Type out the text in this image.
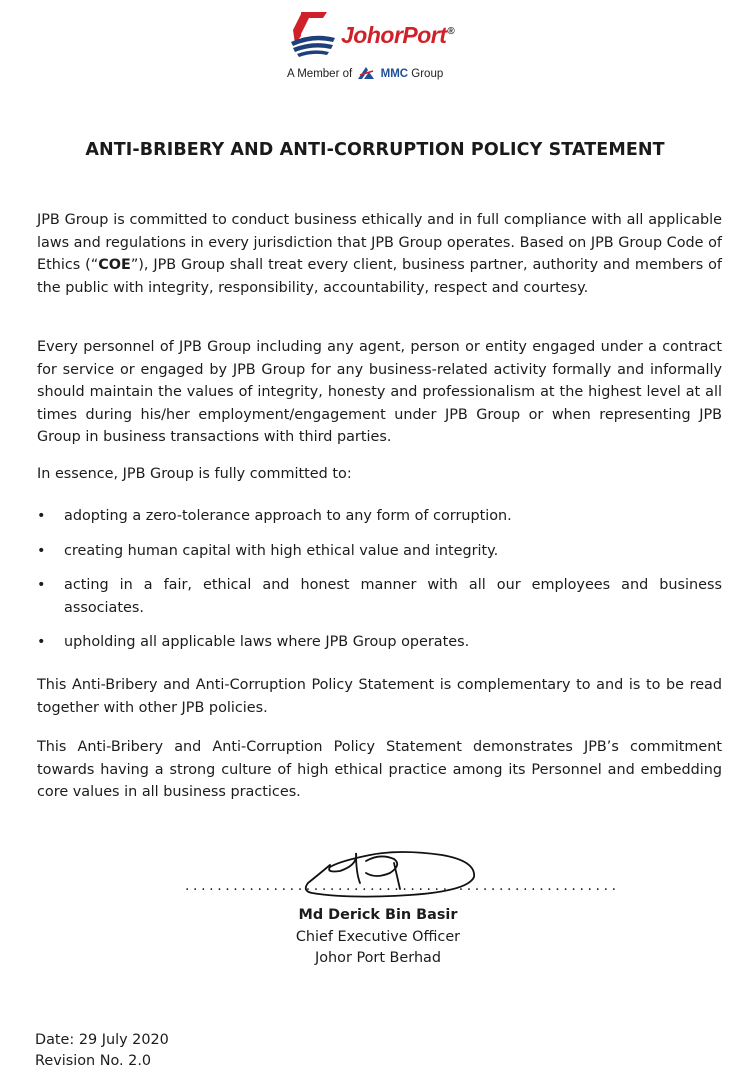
JohorPort®
A Member of MMC Group
ANTI-BRIBERY AND ANTI-CORRUPTION POLICY STATEMENT

JPB Group is committed to conduct business ethically and in full compliance with all applicable laws and regulations in every jurisdiction that JPB Group operates. Based on JPB Group Code of Ethics (“COE”), JPB Group shall treat every client, business partner, authority and members of the public with integrity, responsibility, accountability, respect and courtesy.

Every personnel of JPB Group including any agent, person or entity engaged under a contract for service or engaged by JPB Group for any business-related activity formally and informally should maintain the values of integrity, honesty and professionalism at the highest level at all times during his/her employment/engagement under JPB Group or when representing JPB Group in business transactions with third parties.

In essence, JPB Group is fully committed to:

• adopting a zero-tolerance approach to any form of corruption.
• creating human capital with high ethical value and integrity.
• acting in a fair, ethical and honest manner with all our employees and business associates.
• upholding all applicable laws where JPB Group operates.

This Anti-Bribery and Anti-Corruption Policy Statement is complementary to and is to be read together with other JPB policies.

This Anti-Bribery and Anti-Corruption Policy Statement demonstrates JPB’s commitment towards having a strong culture of high ethical practice among its Personnel and embedding core values in all business practices.

......................................................
Md Derick Bin Basir
Chief Executive Officer
Johor Port Berhad
Date: 29 July 2020
Revision No. 2.0
